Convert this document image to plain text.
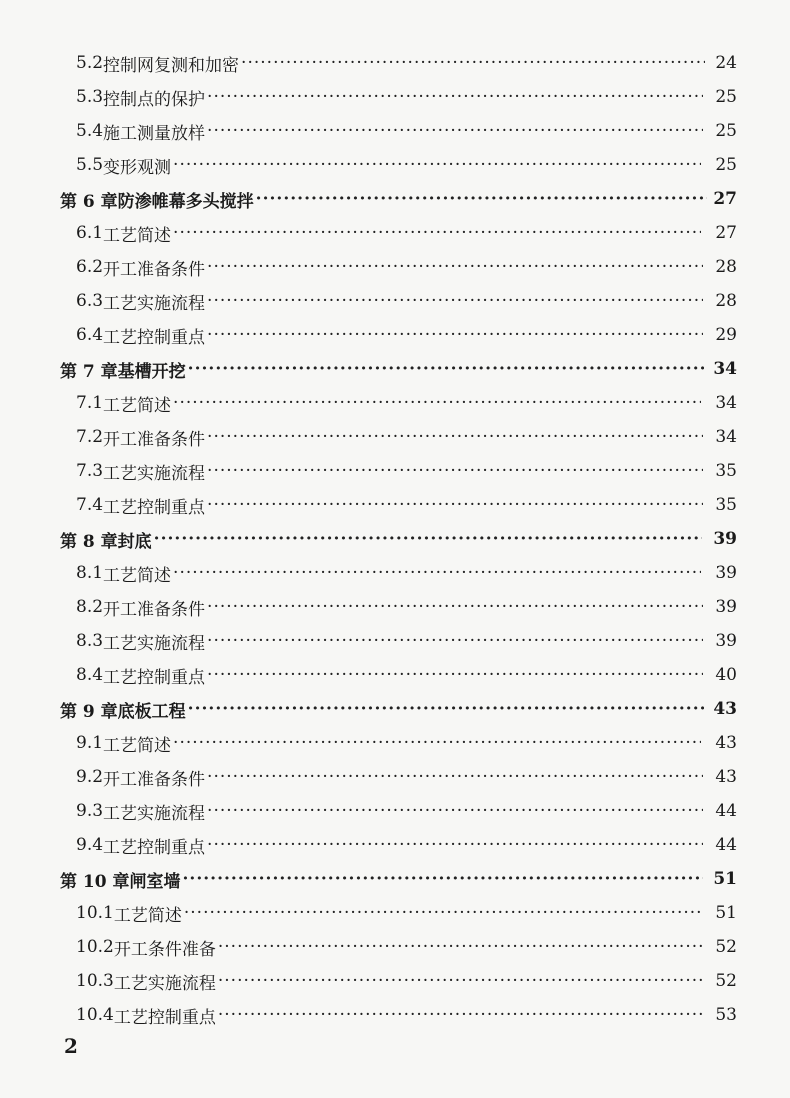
5.2 控制网复测和加密 ·····	24
5.3 控制点的保护 ·····	25
5.4 施工测量放样 ·····	25
5.5 变形观测 ·····	25
第 6 章 防渗帷幕多头搅拌 ·····	27
6.1 工艺简述 ·····	27
6.2 开工准备条件 ·····	28
6.3 工艺实施流程 ·····	28
6.4 工艺控制重点 ·····	29
第 7 章 基槽开挖 ·····	34
7.1 工艺简述 ·····	34
7.2 开工准备条件 ·····	34
7.3 工艺实施流程 ·····	35
7.4 工艺控制重点 ·····	35
第 8 章 封底 ·····	39
8.1 工艺简述 ·····	39
8.2 开工准备条件 ·····	39
8.3 工艺实施流程 ·····	39
8.4 工艺控制重点 ·····	40
第 9 章 底板工程 ·····	43
9.1 工艺简述 ·····	43
9.2 开工准备条件 ·····	43
9.3 工艺实施流程 ·····	44
9.4 工艺控制重点 ·····	44
第 10 章 闸室墙 ·····	51
10.1 工艺简述 ·····	51
10.2 开工条件准备 ·····	52
10.3 工艺实施流程 ·····	52
10.4 工艺控制重点 ·····	53
2
